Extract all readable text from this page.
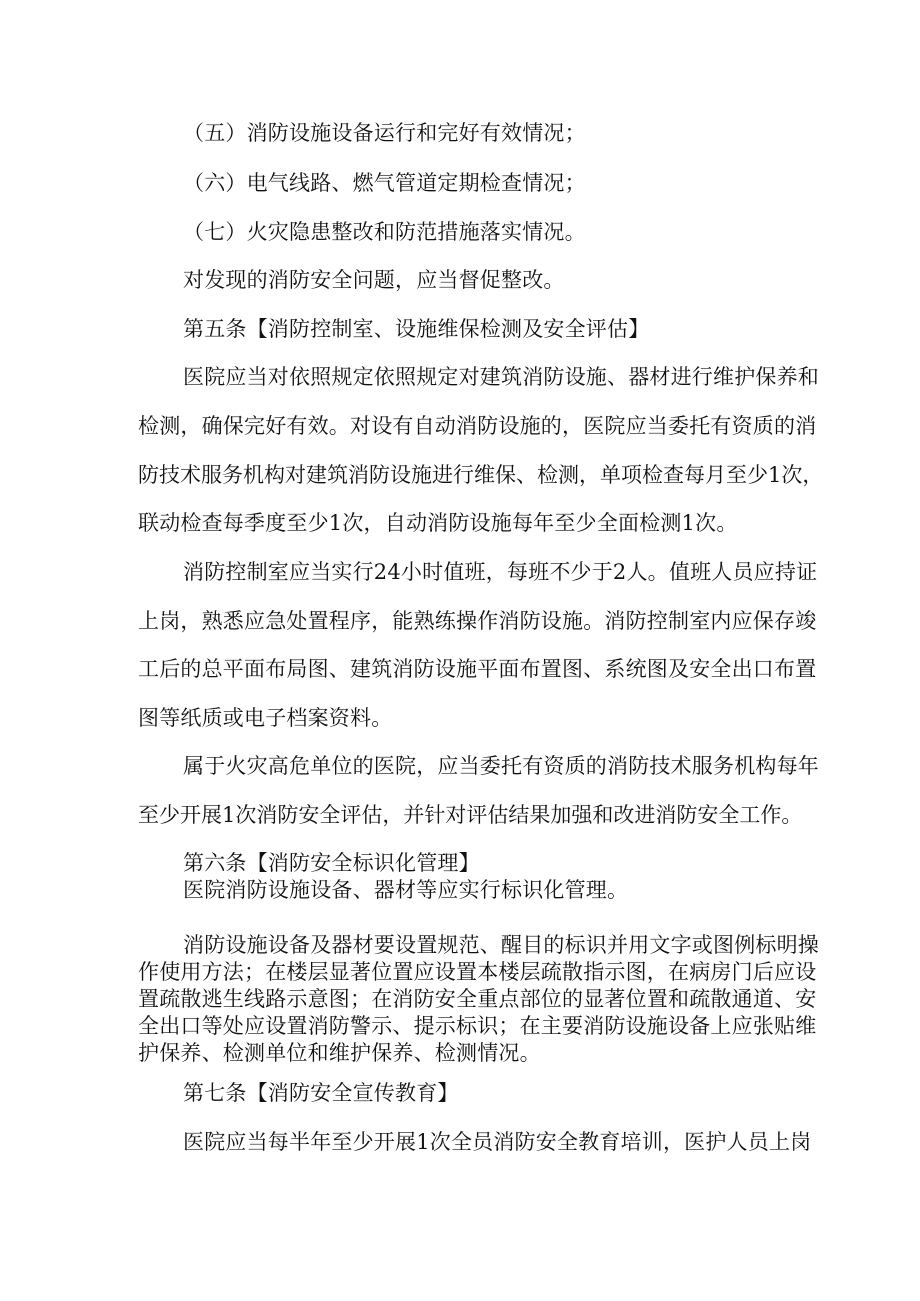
（五）消防设施设备运行和完好有效情况；
（六）电气线路、燃气管道定期检查情况；
（七）火灾隐患整改和防范措施落实情况。
对发现的消防安全问题，应当督促整改。
第五条【消防控制室、设施维保检测及安全评估】
医院应当对依照规定依照规定对建筑消防设施、器材进行维护保养和
检测，确保完好有效。对设有自动消防设施的，医院应当委托有资质的消
防技术服务机构对建筑消防设施进行维保、检测，单项检查每月至少1次，
联动检查每季度至少1次，自动消防设施每年至少全面检测1次。
消防控制室应当实行24小时值班，每班不少于2人。值班人员应持证
上岗，熟悉应急处置程序，能熟练操作消防设施。消防控制室内应保存竣
工后的总平面布局图、建筑消防设施平面布置图、系统图及安全出口布置
图等纸质或电子档案资料。
属于火灾高危单位的医院，应当委托有资质的消防技术服务机构每年
至少开展1次消防安全评估，并针对评估结果加强和改进消防安全工作。
第六条【消防安全标识化管理】
医院消防设施设备、器材等应实行标识化管理。
消防设施设备及器材要设置规范、醒目的标识并用文字或图例标明操
作使用方法；在楼层显著位置应设置本楼层疏散指示图，在病房门后应设
置疏散逃生线路示意图；在消防安全重点部位的显著位置和疏散通道、安
全出口等处应设置消防警示、提示标识；在主要消防设施设备上应张贴维
护保养、检测单位和维护保养、检测情况。
第七条【消防安全宣传教育】
医院应当每半年至少开展1次全员消防安全教育培训，医护人员上岗
